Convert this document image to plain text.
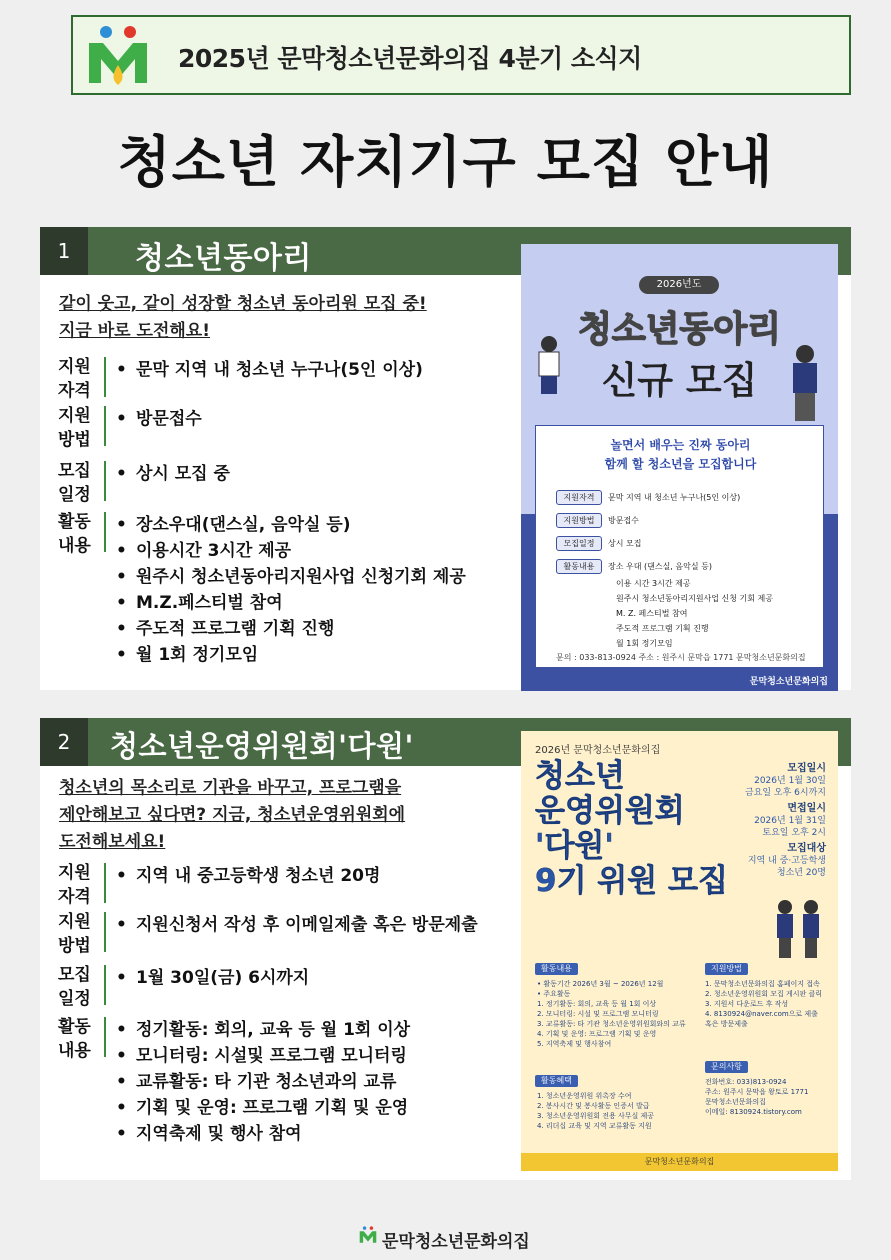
2025년 문막청소년문화의집 4분기 소식지
청소년 자치기구 모집 안내
1	청소년동아리
같이 웃고, 같이 성장할 청소년 동아리원 모집 중!
지금 바로 도전해요!
지원
자격
• 문막 지역 내 청소년 누구나(5인 이상)
지원
방법
• 방문접수
모집
일정
• 상시 모집 중
활동
내용
• 장소우대(댄스실, 음악실 등)
• 이용시간 3시간 제공
• 원주시 청소년동아리지원사업 신청기회 제공
• M.Z.페스티벌 참여
• 주도적 프로그램 기획 진행
• 월 1회 정기모임
2026년도
청소년동아리
신규 모집
놀면서 배우는 진짜 동아리
함께 할 청소년을 모집합니다
지원자격 문막 지역 내 청소년 누구나(5인 이상)
지원방법 방문접수
모집일정 상시 모집
활동내용 장소 우대 (댄스실, 음악실 등)
이용 시간 3시간 제공
원주시 청소년동아리지원사업 신청 기회 제공
M. Z. 페스티벌 참여
주도적 프로그램 기획 진행
월 1회 정기모임
문의 : 033-813-0924 주소 : 원주시 문막읍 1771 문막청소년문화의집
문막청소년문화의집
2	청소년운영위원회'다원'
청소년의 목소리로 기관을 바꾸고, 프로그램을
제안해보고 싶다면? 지금, 청소년운영위원회에
도전해보세요!
지원
자격
• 지역 내 중고등학생 청소년 20명
지원
방법
• 지원신청서 작성 후 이메일제출 혹은 방문제출
모집
일정
• 1월 30일(금) 6시까지
활동
내용
• 정기활동: 회의, 교육 등 월 1회 이상
• 모니터링: 시설및 프로그램 모니터링
• 교류활동: 타 기관 청소년과의 교류
• 기획 및 운영: 프로그램 기획 및 운영
• 지역축제 및 행사 참여
2026년 문막청소년문화의집
청소년
운영위원회
'다원'
9기 위원 모집
모집일시
2026년 1월 30일
금요일 오후 6시까지
면접일시
2026년 1월 31일
토요일 오후 2시
모집대상
지역 내 중·고등학생
청소년 20명
활동내용
• 활동기간 2026년 3월 ~ 2026년 12월
• 주요활동
1. 정기활동: 회의, 교육 등 월 1회 이상
2. 모니터링: 시설 및 프로그램 모니터링
3. 교류활동: 타 기관 청소년운영위원회와의 교류
4. 기획 및 운영: 프로그램 기획 및 운영
5. 지역축제 및 행사참여
지원방법
1. 문막청소년문화의집 홈페이지 접속
2. 청소년운영위원회 모집 게시판 클릭
3. 지원서 다운로드 후 작성
4. 8130924@naver.com으로 제출
혹은 방문제출
활동혜택
1. 청소년운영위원 위촉장 수여
2. 봉사시간 및 봉사활동 인증서 발급
3. 청소년운영위원회 전용 사무실 제공
4. 리더십 교육 및 지역 교류활동 지원
문의사항
전화번호: 033)813-0924
주소: 원주시 문막읍 왕토로 1771
문막청소년문화의집
이메일: 8130924.tistory.com
문막청소년문화의집
문막청소년문화의집
